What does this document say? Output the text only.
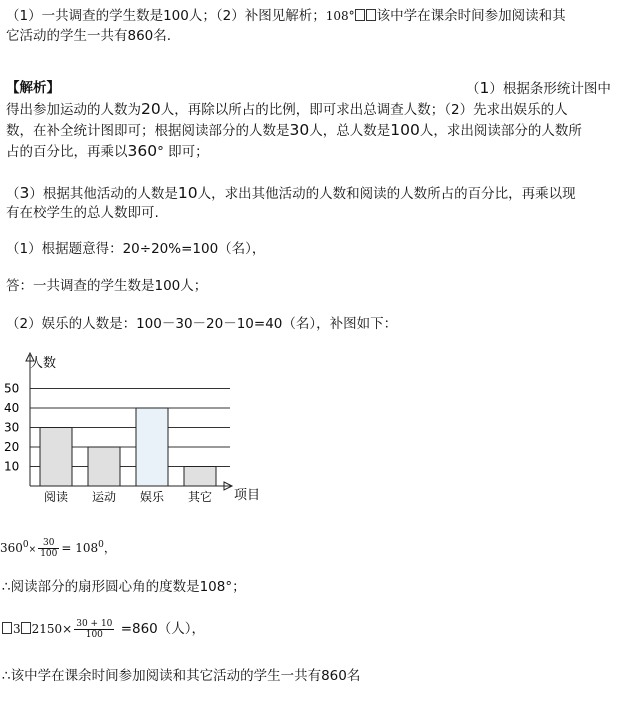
（1）一共调查的学生数是100人；（2）补图见解析；108° 该中学在课余时间参加阅读和其
它活动的学生一共有860名.
【解析】	（1）根据条形统计图中
得出参加运动的人数为20人，再除以所占的比例，即可求出总调查人数；（2）先求出娱乐的人
数，在补全统计图即可；根据阅读部分的人数是30人，总人数是100人，求出阅读部分的人数所
占的百分比，再乘以360° 即可；
（3）根据其他活动的人数是10人，求出其他活动的人数和阅读的人数所占的百分比，再乘以现
有在校学生的总人数即可.
（1）根据题意得：20÷20%=100（名），
答：一共调查的学生数是100人；
（2）娱乐的人数是：100－30－20－10=40（名），补图如下：
人数
10
20
30
40
50
阅读 运动 娱乐 其它 项目
$360^0\times \frac{30}{100} = 108^0$，
∴阅读部分的扇形圆心角的度数是108°；
3 $2150\times \frac{30 + 10}{100} =860$（人），
∴该中学在课余时间参加阅读和其它活动的学生一共有860名
